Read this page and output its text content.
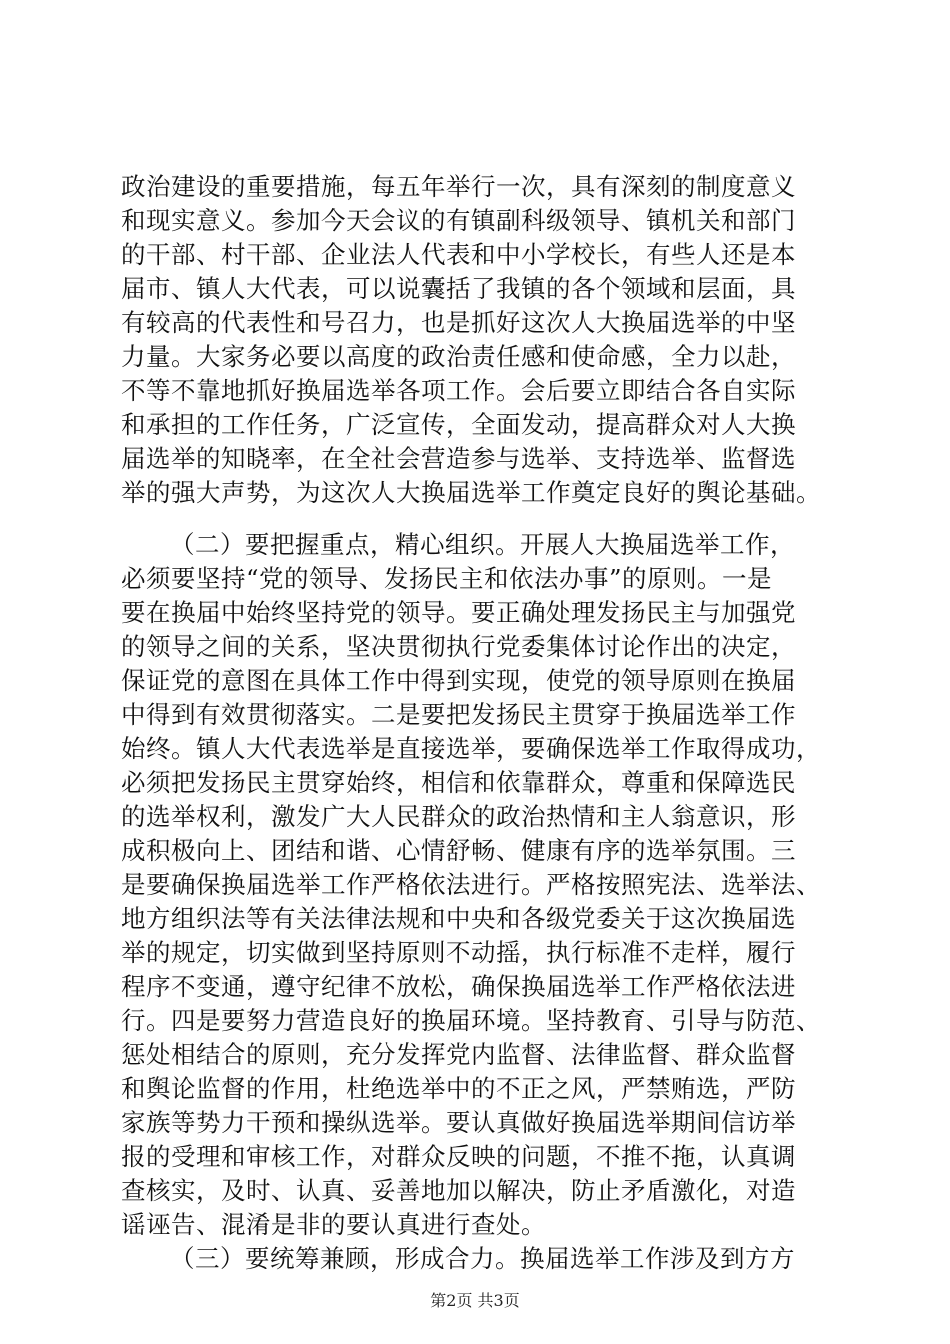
政治建设的重要措施，每五年举行一次，具有深刻的制度意义
和现实意义。参加今天会议的有镇副科级领导、镇机关和部门
的干部、村干部、企业法人代表和中小学校长，有些人还是本
届市、镇人大代表，可以说囊括了我镇的各个领域和层面，具
有较高的代表性和号召力，也是抓好这次人大换届选举的中坚
力量。大家务必要以高度的政治责任感和使命感，全力以赴，
不等不靠地抓好换届选举各项工作。会后要立即结合各自实际
和承担的工作任务，广泛宣传，全面发动，提高群众对人大换
届选举的知晓率，在全社会营造参与选举、支持选举、监督选
举的强大声势，为这次人大换届选举工作奠定良好的舆论基础。
（二）要把握重点，精心组织。开展人大换届选举工作，
必须要坚持“党的领导、发扬民主和依法办事”的原则。一是
要在换届中始终坚持党的领导。要正确处理发扬民主与加强党
的领导之间的关系，坚决贯彻执行党委集体讨论作出的决定，
保证党的意图在具体工作中得到实现，使党的领导原则在换届
中得到有效贯彻落实。二是要把发扬民主贯穿于换届选举工作
始终。镇人大代表选举是直接选举，要确保选举工作取得成功，
必须把发扬民主贯穿始终，相信和依靠群众，尊重和保障选民
的选举权利，激发广大人民群众的政治热情和主人翁意识，形
成积极向上、团结和谐、心情舒畅、健康有序的选举氛围。三
是要确保换届选举工作严格依法进行。严格按照宪法、选举法、
地方组织法等有关法律法规和中央和各级党委关于这次换届选
举的规定，切实做到坚持原则不动摇，执行标准不走样，履行
程序不变通，遵守纪律不放松，确保换届选举工作严格依法进
行。四是要努力营造良好的换届环境。坚持教育、引导与防范、
惩处相结合的原则，充分发挥党内监督、法律监督、群众监督
和舆论监督的作用，杜绝选举中的不正之风，严禁贿选，严防
家族等势力干预和操纵选举。要认真做好换届选举期间信访举
报的受理和审核工作，对群众反映的问题，不推不拖，认真调
查核实，及时、认真、妥善地加以解决，防止矛盾激化，对造
谣诬告、混淆是非的要认真进行查处。
（三）要统筹兼顾，形成合力。换届选举工作涉及到方方
第2页 共3页
